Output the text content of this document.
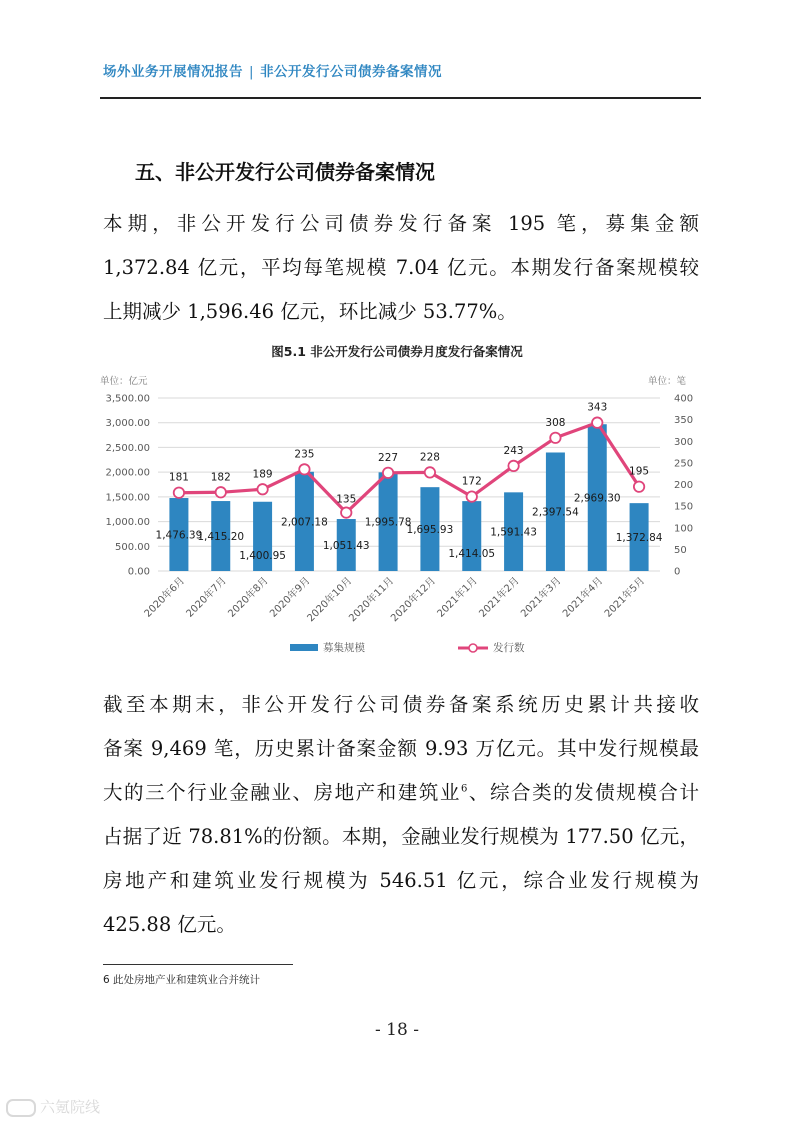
场外业务开展情况报告 | 非公开发行公司债券备案情况
五、非公开发行公司债券备案情况
本期，非公开发行公司债券发行备案 195 笔，募集金额
1,372.84 亿元，平均每笔规模 7.04 亿元。本期发行备案规模较
上期减少 1,596.46 亿元，环比减少 53.77%。
图5.1 非公开发行公司债券月度发行备案情况
单位：亿元	单位：笔
0.00
500.00
1,000.00
1,500.00
2,000.00
2,500.00
3,000.00
3,500.00
0
50
100
150
200
250
300
350
400
2020年6月
2020年7月
2020年8月
2020年9月
2020年10月
2020年11月
2020年12月
2021年1月
2021年2月
2021年3月
2021年4月
2021年5月
1,476.39
1,415.20
1,400.95
2,007.18
1,051.43
1,995.78
1,695.93
1,414.05
1,591.43
2,397.54
2,969.30
1,372.84
181 182 189
235
135
227 228
172
243
308
343
195
募集规模	发行数
截至本期末，非公开发行公司债券备案系统历史累计共接收
备案 9,469 笔，历史累计备案金额 9.93 万亿元。其中发行规模最
大的三个行业金融业、房地产和建筑业$^6$、综合类的发债规模合计
占据了近 78.81%的份额。本期，金融业发行规模为 177.50 亿元，
房地产和建筑业发行规模为 546.51 亿元，综合业发行规模为
425.88 亿元。
6 此处房地产业和建筑业合并统计
- 18 -
六氪院线
